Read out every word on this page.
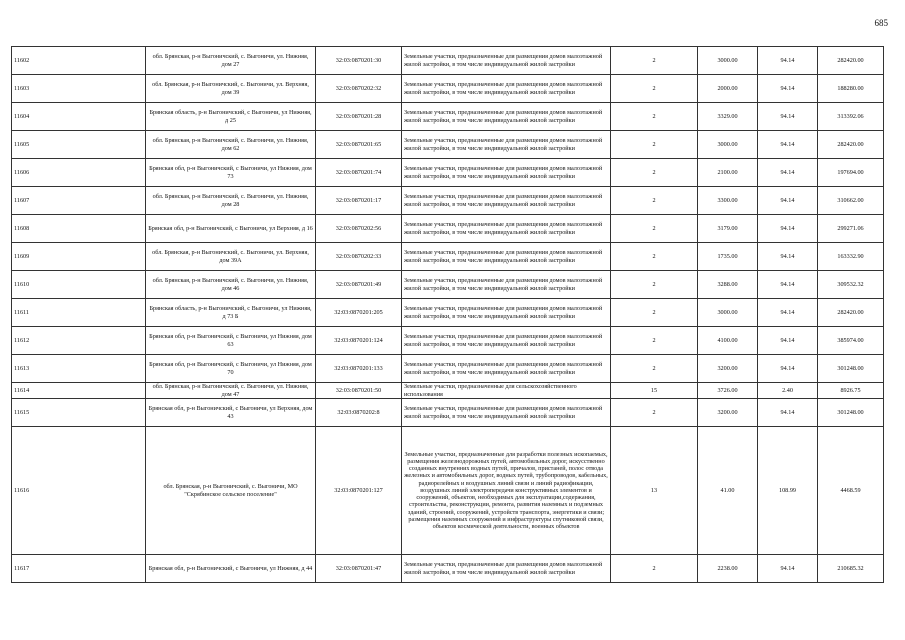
685
11602	обл. Брянская, р-н Выгоничский, с. Выгоничи, ул. Нижняя, дом 27	32:03:0870201:30	Земельные участки, предназначенные для размещения домов малоэтажной жилой застройки, в том числе индивидуальной жилой застройки	2	3000.00	94.14	282420.00
11603	обл. Брянская, р-н Выгоничский, с. Выгоничи, ул. Верхняя, дом 39	32:03:0870202:32	Земельные участки, предназначенные для размещения домов малоэтажной жилой застройки, в том числе индивидуальной жилой застройки	2	2000.00	94.14	188280.00
11604	Брянская область, р-н Выгоничский, с Выгоничи, ул Нижняя, д 25	32:03:0870201:28	Земельные участки, предназначенные для размещения домов малоэтажной жилой застройки, в том числе индивидуальной жилой застройки	2	3329.00	94.14	313392.06
11605	обл. Брянская, р-н Выгоничский, с. Выгоничи, ул. Нижняя, дом 62	32:03:0870201:65	Земельные участки, предназначенные для размещения домов малоэтажной жилой застройки, в том числе индивидуальной жилой застройки	2	3000.00	94.14	282420.00
11606	Брянская обл, р-н Выгоничский, с Выгоничи, ул Нижняя, дом 73	32:03:0870201:74	Земельные участки, предназначенные для размещения домов малоэтажной жилой застройки, в том числе индивидуальной жилой застройки	2	2100.00	94.14	197694.00
11607	обл. Брянская, р-н Выгоничский, с. Выгоничи, ул. Нижняя, дом 28	32:03:0870201:17	Земельные участки, предназначенные для размещения домов малоэтажной жилой застройки, в том числе индивидуальной жилой застройки	2	3300.00	94.14	310662.00
11608	Брянская обл, р-н Выгоничский, с Выгоничи, ул Верхняя, д 16	32:03:0870202:56	Земельные участки, предназначенные для размещения домов малоэтажной жилой застройки, в том числе индивидуальной жилой застройки	2	3179.00	94.14	299271.06
11609	обл. Брянская, р-н Выгоничский, с. Выгоничи, ул. Верхняя, дом 39А	32:03:0870202:33	Земельные участки, предназначенные для размещения домов малоэтажной жилой застройки, в том числе индивидуальной жилой застройки	2	1735.00	94.14	163332.90
11610	обл. Брянская, р-н Выгоничский, с. Выгоничи, ул. Нижняя, дом 46	32:03:0870201:49	Земельные участки, предназначенные для размещения домов малоэтажной жилой застройки, в том числе индивидуальной жилой застройки	2	3288.00	94.14	309532.32
11611	Брянская область, р-н Выгоничский, с Выгоничи, ул Нижняя, д 73 Б	32:03:0870201:205	Земельные участки, предназначенные для размещения домов малоэтажной жилой застройки, в том числе индивидуальной жилой застройки	2	3000.00	94.14	282420.00
11612	Брянская обл, р-н Выгоничский, с Выгоничи, ул Нижняя, дом 63	32:03:0870201:124	Земельные участки, предназначенные для размещения домов малоэтажной жилой застройки, в том числе индивидуальной жилой застройки	2	4100.00	94.14	385974.00
11613	Брянская обл, р-н Выгоничский, с Выгоничи, ул Нижняя, дом 70	32:03:0870201:133	Земельные участки, предназначенные для размещения домов малоэтажной жилой застройки, в том числе индивидуальной жилой застройки	2	3200.00	94.14	301248.00
11614	обл. Брянская, р-н Выгоничский, с. Выгоничи, ул. Нижняя, дом 47	32:03:0870201:50	Земельные участки, предназначенные для сельскохозяйственного использования	15	3726.00	2.40	8926.75
11615	Брянская обл, р-н Выгоничский, с Выгоничи, ул Верхняя, дом 43	32:03:0870202:8	Земельные участки, предназначенные для размещения домов малоэтажной жилой застройки, в том числе индивидуальной жилой застройки	2	3200.00	94.14	301248.00
11616	обл. Брянская, р-н Выгоничский, с. Выгоничи, МО "Скрябинское сельское поселение"	32:03:0870201:127	Земельные участки, предназначенные для разработки полезных ископаемых, размещения железнодорожных путей, автомобильных дорог, искусственно созданных внутренних водных путей, причалов, пристаней, полос отвода железных и автомобильных дорог, водных путей, трубопроводов, кабельных, радиорелейных и воздушных линий связи и линий радиофикации, воздушных линий электропередачи конструктивных элементов и сооружений, объектов, необходимых для эксплуатации,содержания, строительства, реконструкции, ремонта, развития наземных и подземных зданий, строений, сооружений, устройств транспорта, энергетики и связи; размещения наземных сооружений и инфраструктуры спутниковой связи, объектов космической деятельности, военных объектов	13	41.00	108.99	4468.59
11617	Брянская обл, р-н Выгоничский, с Выгоничи, ул Нижняя, д 44	32:03:0870201:47	Земельные участки, предназначенные для размещения домов малоэтажной жилой застройки, в том числе индивидуальной жилой застройки	2	2238.00	94.14	210685.32
